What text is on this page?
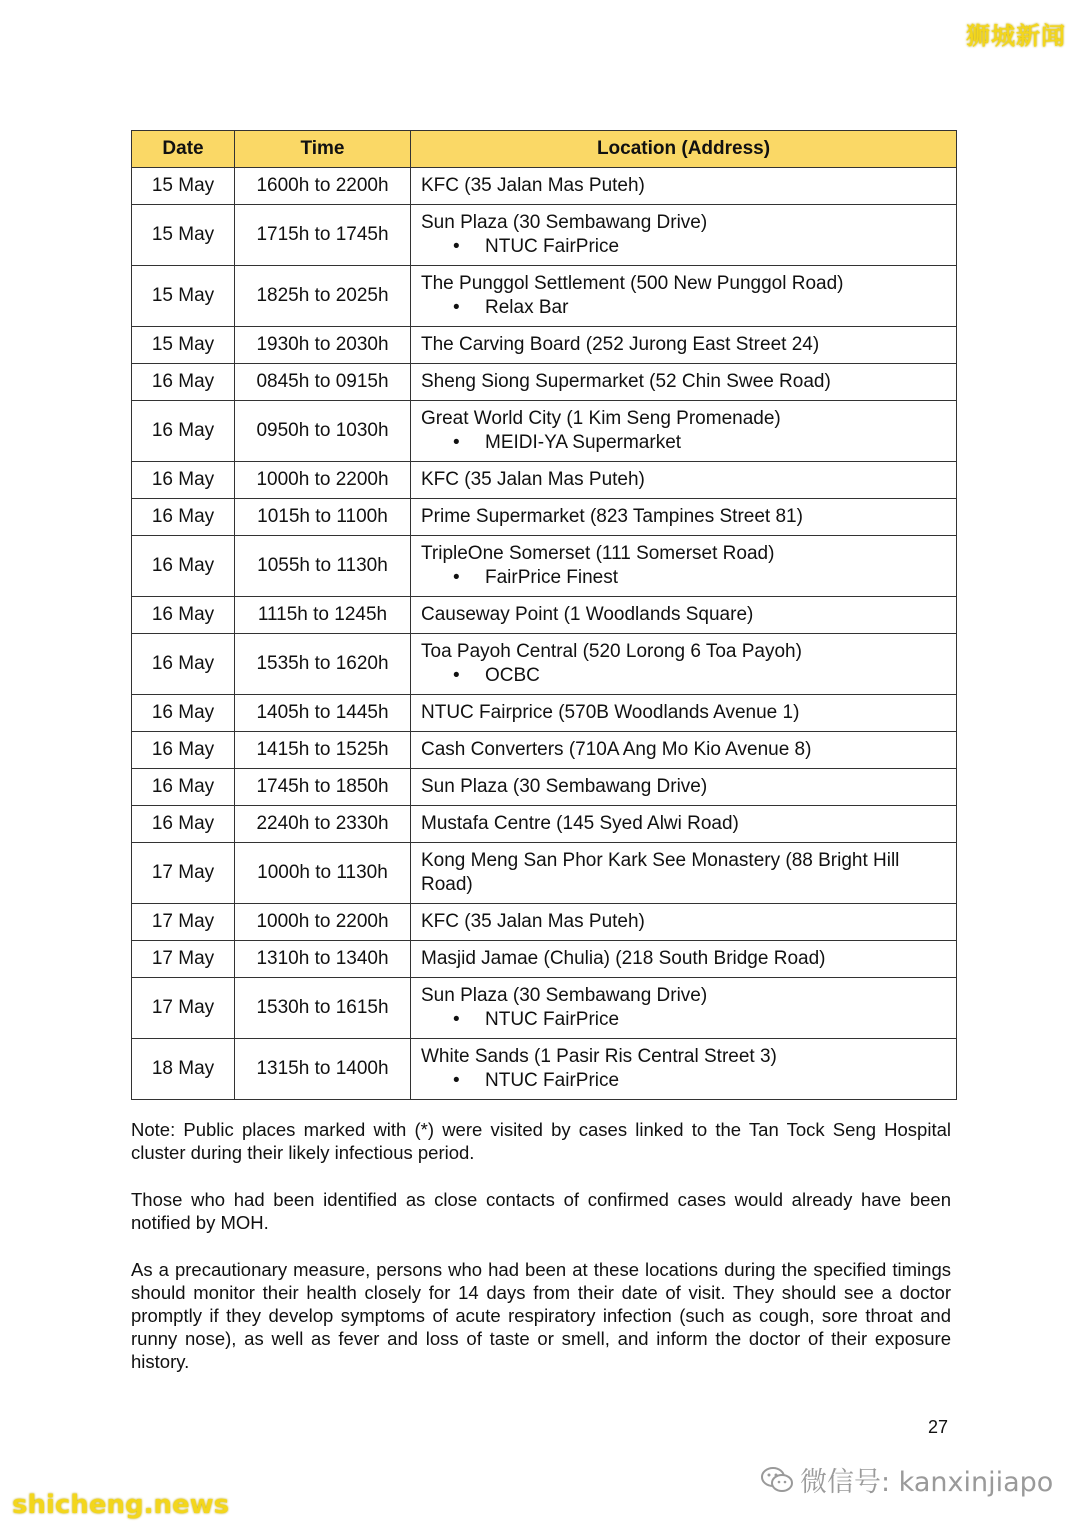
狮城新闻
Date	Time	Location (Address)
15 May	1600h to 2200h	KFC (35 Jalan Mas Puteh)
15 May	1715h to 1745h	Sun Plaza (30 Sembawang Drive)
• NTUC FairPrice

15 May	1825h to 2025h	The Punggol Settlement (500 New Punggol Road)
• Relax Bar

15 May	1930h to 2030h	The Carving Board (252 Jurong East Street 24)
16 May	0845h to 0915h	Sheng Siong Supermarket (52 Chin Swee Road)
16 May	0950h to 1030h	Great World City (1 Kim Seng Promenade)
• MEIDI-YA Supermarket

16 May	1000h to 2200h	KFC (35 Jalan Mas Puteh)
16 May	1015h to 1100h	Prime Supermarket (823 Tampines Street 81)
16 May	1055h to 1130h	TripleOne Somerset (111 Somerset Road)
• FairPrice Finest

16 May	1115h to 1245h	Causeway Point (1 Woodlands Square)
16 May	1535h to 1620h	Toa Payoh Central (520 Lorong 6 Toa Payoh)
• OCBC

16 May	1405h to 1445h	NTUC Fairprice (570B Woodlands Avenue 1)
16 May	1415h to 1525h	Cash Converters (710A Ang Mo Kio Avenue 8)
16 May	1745h to 1850h	Sun Plaza (30 Sembawang Drive)
16 May	2240h to 2330h	Mustafa Centre (145 Syed Alwi Road)
17 May	1000h to 1130h	Kong Meng San Phor Kark See Monastery (88 Bright Hill Road)
17 May	1000h to 2200h	KFC (35 Jalan Mas Puteh)
17 May	1310h to 1340h	Masjid Jamae (Chulia) (218 South Bridge Road)
17 May	1530h to 1615h	Sun Plaza (30 Sembawang Drive)
• NTUC FairPrice

18 May	1315h to 1400h	White Sands (1 Pasir Ris Central Street 3)
• NTUC FairPrice

Note: Public places marked with (*) were visited by cases linked to the Tan Tock Seng Hospital cluster during their likely infectious period.

Those who had been identified as close contacts of confirmed cases would already have been notified by MOH.

As a precautionary measure, persons who had been at these locations during the specified timings should monitor their health closely for 14 days from their date of visit. They should see a doctor promptly if they develop symptoms of acute respiratory infection (such as cough, sore throat and runny nose), as well as fever and loss of taste or smell, and inform the doctor of their exposure history.

27
微信号: kanxinjiapo
shicheng.news
